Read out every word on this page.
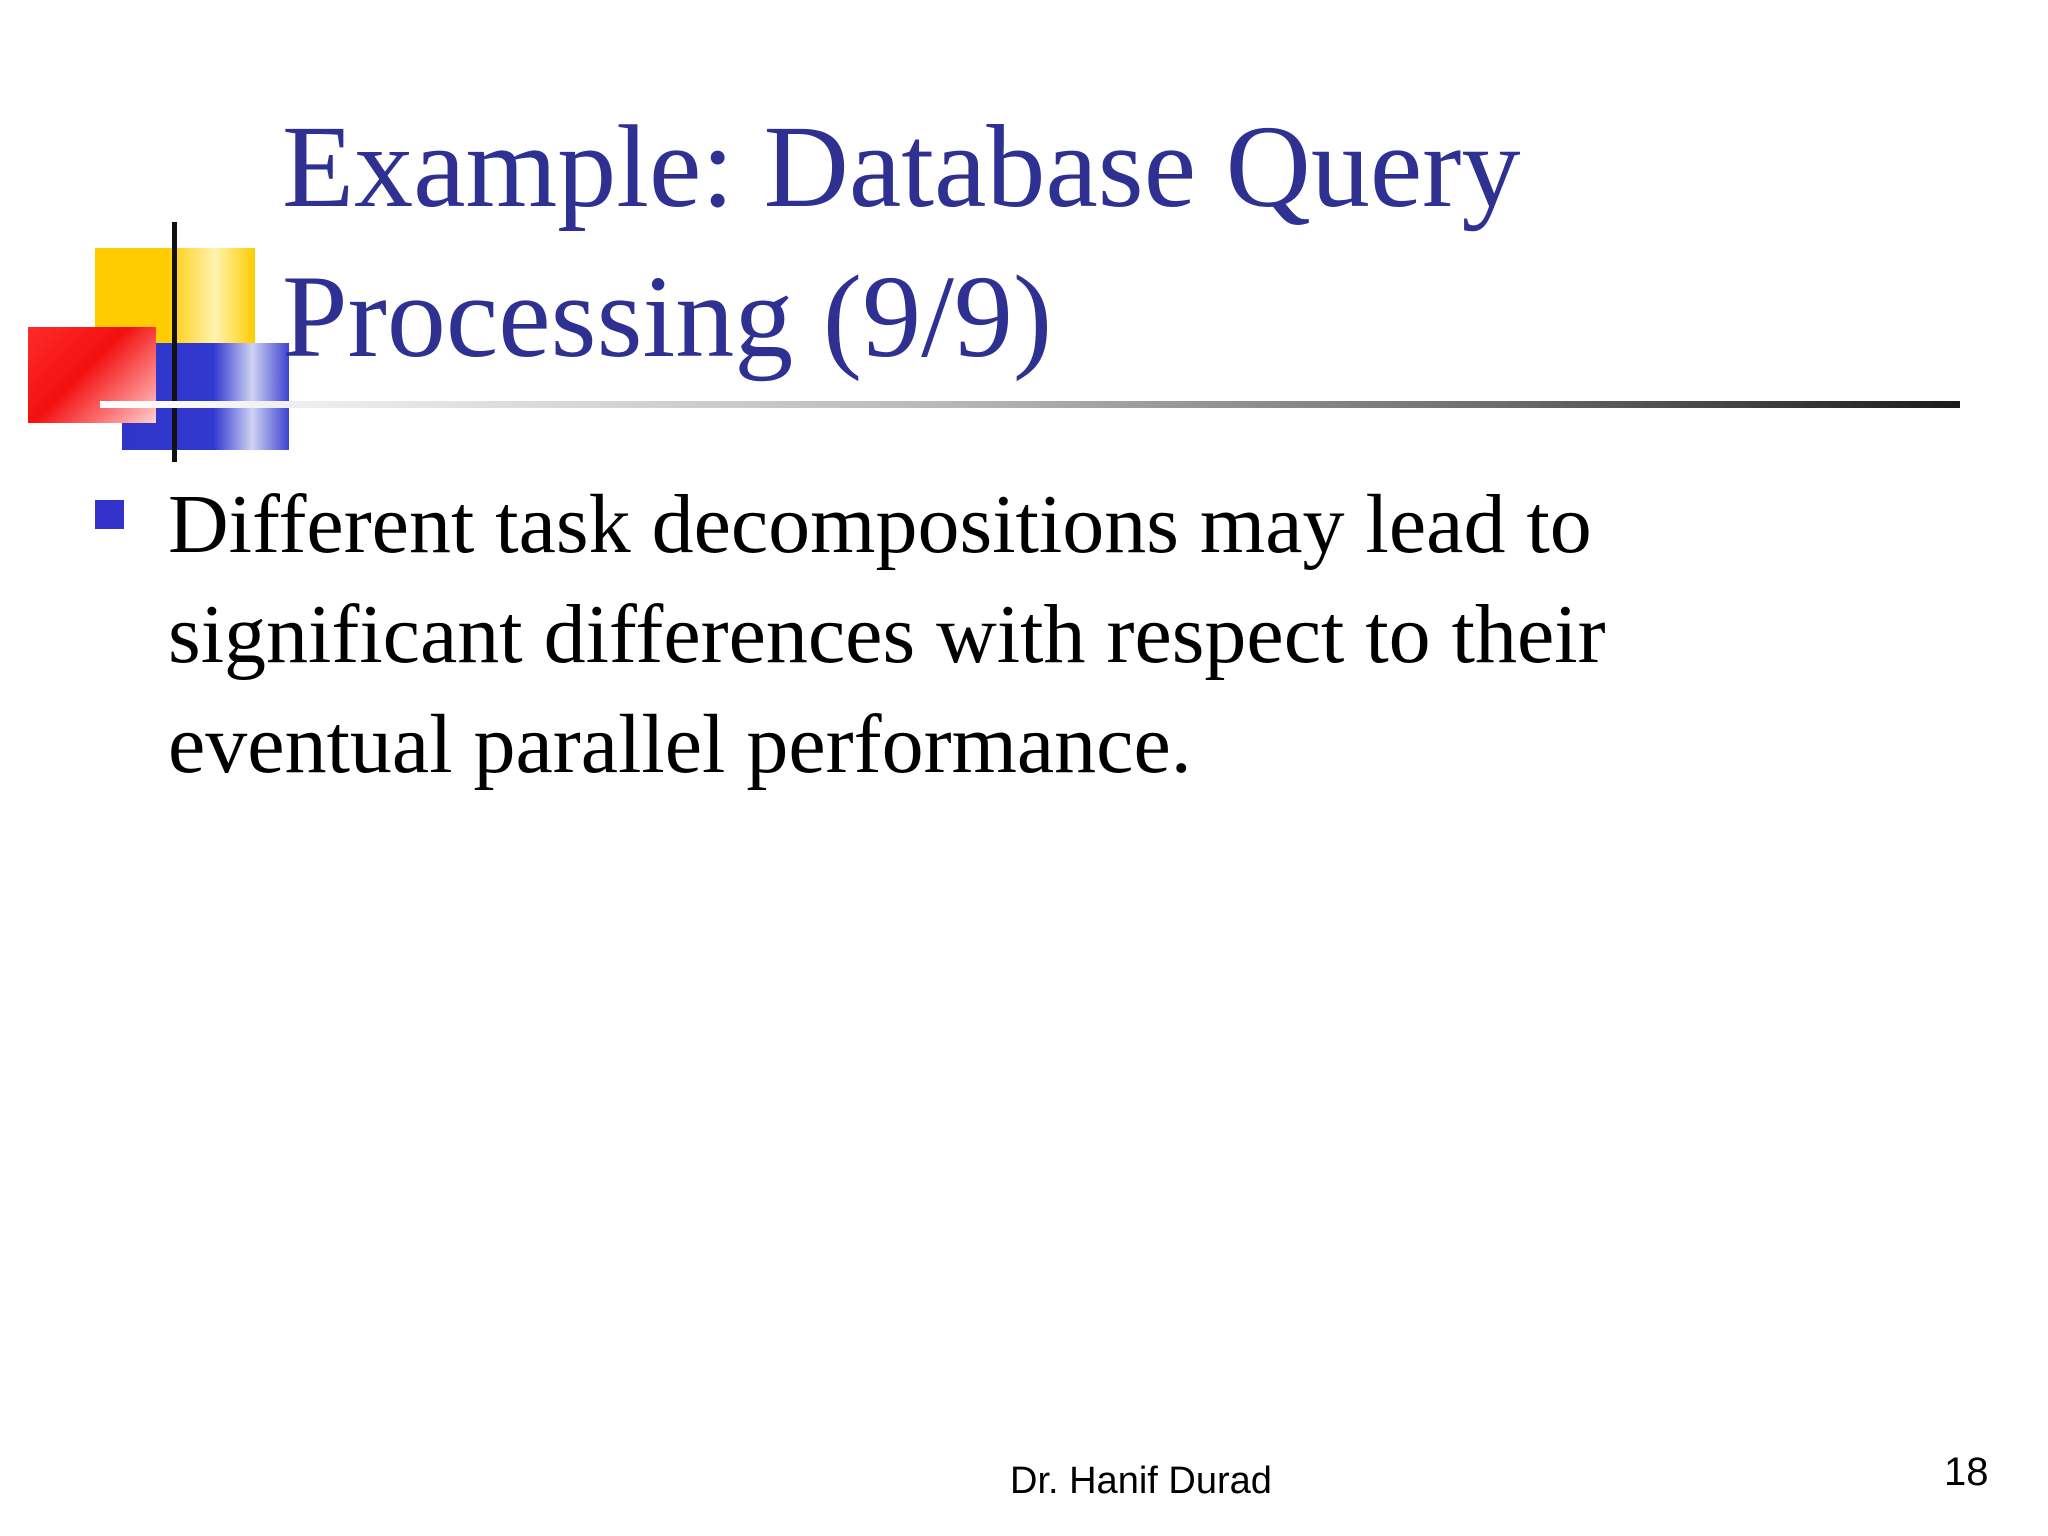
Example: Database Query
Processing (9/9)
Different task decompositions may lead to
significant differences with respect to their
eventual parallel performance.
Dr. Hanif Durad	18
